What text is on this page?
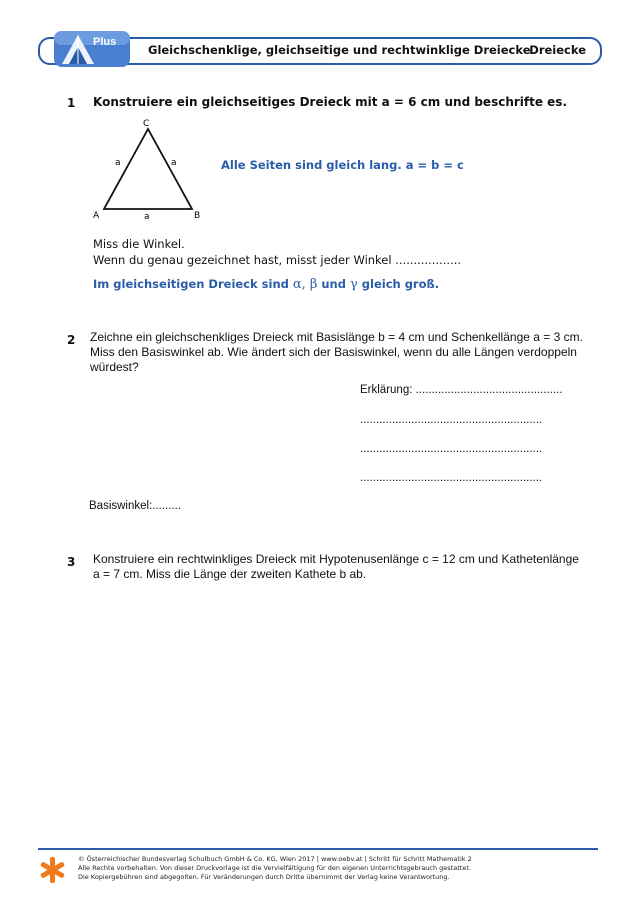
Gleichschenklige, gleichseitige und rechtwinklige Dreiecke
Dreiecke
Plus
1 Konstruiere ein gleichseitiges Dreieck mit a = 6 cm und beschrifte es.
C
A	B
a	a
a
Alle Seiten sind gleich lang. a = b = c
Miss die Winkel.
Wenn du genau gezeichnet hast, misst jeder Winkel ..................
Im gleichseitigen Dreieck sind α, β und γ gleich groß.
2 Zeichne ein gleichschenkliges Dreieck mit Basislänge b = 4 cm und Schenkellänge a = 3 cm.
Miss den Basiswinkel ab. Wie ändert sich der Basiswinkel, wenn du alle Längen verdoppeln
würdest?
Erklärung: ..............................................
.........................................................
.........................................................
.........................................................
Basiswinkel:.........
3 Konstruiere ein rechtwinkliges Dreieck mit Hypotenusenlänge c = 12 cm und Kathetenlänge
a = 7 cm. Miss die Länge der zweiten Kathete b ab.
© Österreichischer Bundesverlag Schulbuch GmbH & Co. KG, Wien 2017 | www.oebv.at | Schritt für Schritt Mathematik 2
Alle Rechte vorbehalten. Von dieser Druckvorlage ist die Vervielfältigung für den eigenen Unterrichtsgebrauch gestattet.
Die Kopiergebühren sind abgegolten. Für Veränderungen durch Dritte übernimmt der Verlag keine Verantwortung.
